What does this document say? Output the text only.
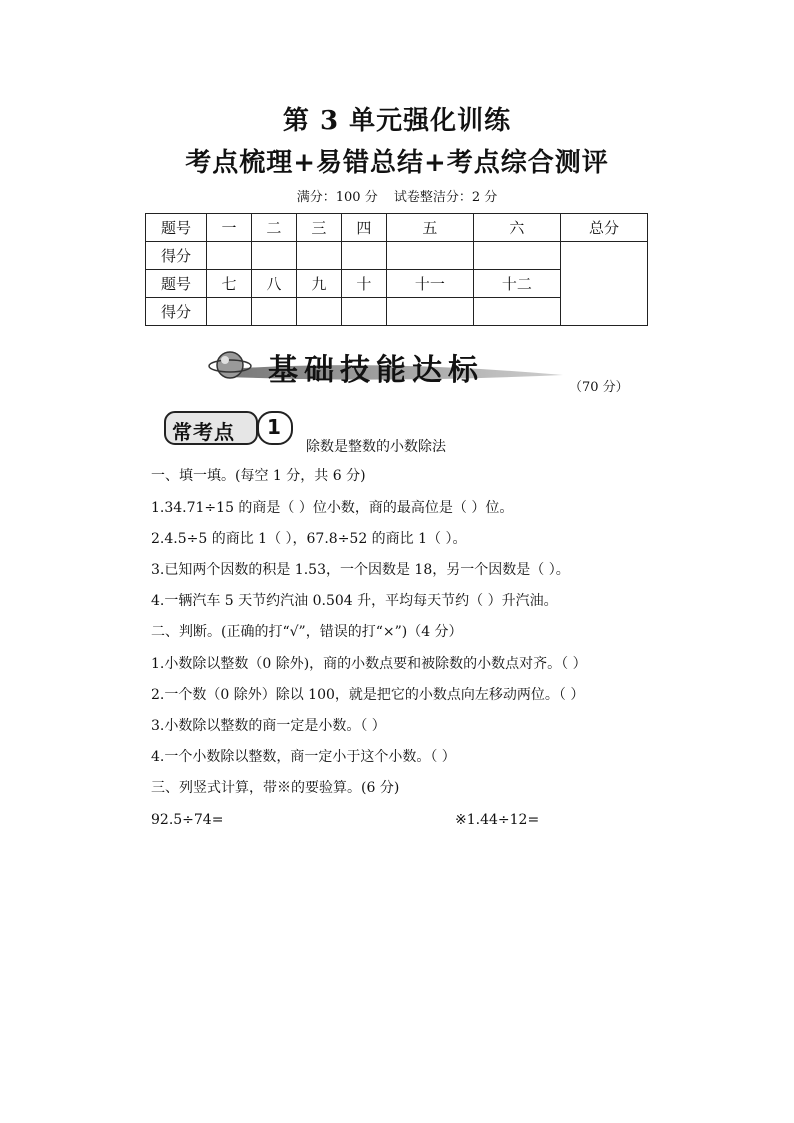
第 3 单元强化训练
考点梳理+易错总结+考点综合测评
满分：100 分 试卷整洁分：2 分
题号	一	二	三	四	五	六	总分
得分							
题号	七	八	九	十	十一	十二	
得分							
基础技能达标	（70 分）
常考点	1
除数是整数的小数除法
一、填一填。(每空 1 分，共 6 分)
1.34.71÷15 的商是（ ）位小数，商的最高位是（ ）位。
2.4.5÷5 的商比 1（ ），67.8÷52 的商比 1（ ）。
3.已知两个因数的积是 1.53，一个因数是 18，另一个因数是（ ）。
4.一辆汽车 5 天节约汽油 0.504 升，平均每天节约（ ）升汽油。
二、判断。(正确的打“√”，错误的打“×”)（4 分）
1.小数除以整数（0 除外)，商的小数点要和被除数的小数点对齐。（ ）
2.一个数（0 除外）除以 100，就是把它的小数点向左移动两位。（ ）
3.小数除以整数的商一定是小数。（ ）
4.一个小数除以整数，商一定小于这个小数。（ ）
三、列竖式计算，带※的要验算。(6 分)
92.5÷74=	※1.44÷12=
